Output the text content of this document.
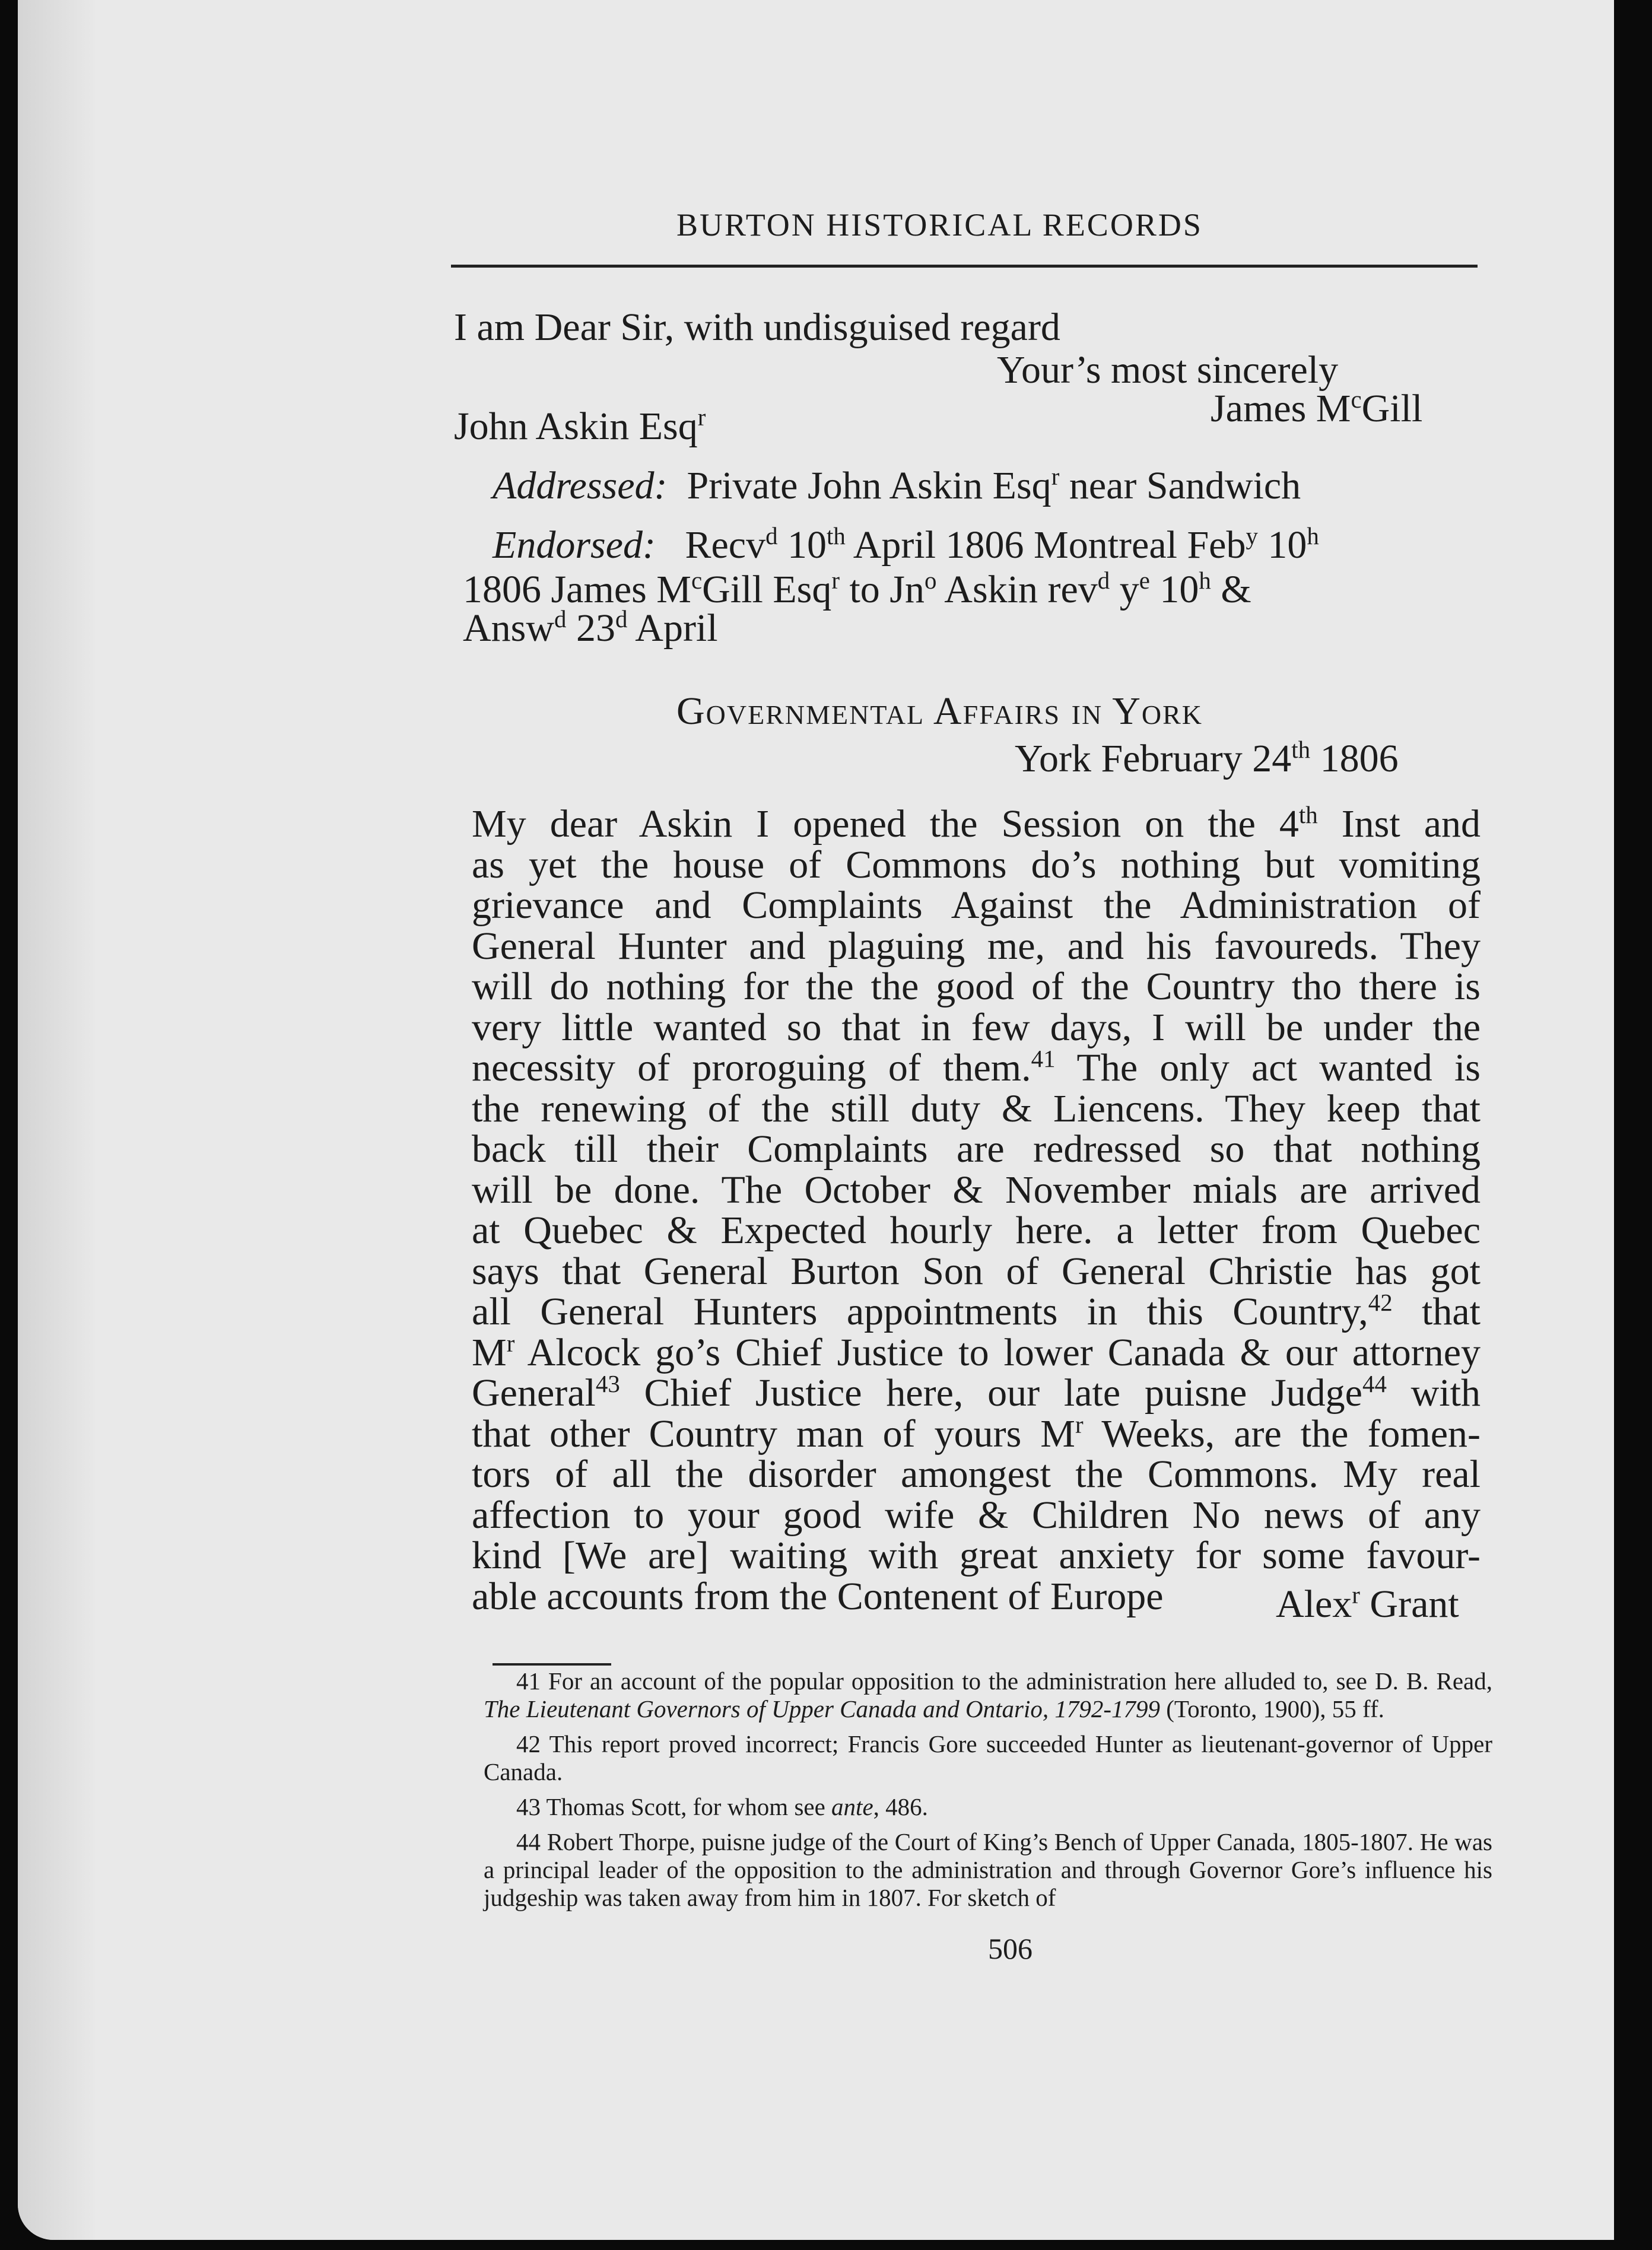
BURTON HISTORICAL RECORDS
I am Dear Sir, with undisguised regard
Your’s most sincerely
John Askin Esq$^r$	James $M^cGill$
Addressed: Private John Askin Esq$^r$ near Sandwich
Endorsed: Recv$^d$ 10th April 1806 Montreal Feb$^y$ 10$^h$
1806 James $M^cGill$ Esq$^r$ to Jn$^o$ Askin rev$^d$ $y^e$ 10$^h$ &
Answ$^d$ 23$^d$ April
Governmental Affairs in York
York February 24th 1806
My dear Askin I opened the Session on the 4th Inst and
as yet the house of Commons do’s nothing but vomiting
grievance and Complaints Against the Administration of
General Hunter and plaguing me, and his favoureds. They
will do nothing for the the good of the Country tho there is
very little wanted so that in few days, I will be under the
necessity of proroguing of them.$^{41}$ The only act wanted is
the renewing of the still duty & Liencens. They keep that
back till their Complaints are redressed so that nothing
will be done. The October & November mials are arrived
at Quebec & Expected hourly here. a letter from Quebec
says that General Burton Son of General Christie has got
all General Hunters appointments in this Country,$^{42}$ that
$M^r$ Alcock go’s Chief Justice to lower Canada & our attorney
General$^{43}$ Chief Justice here, our late puisne Judge$^{44}$ with
that other Country man of yours $M^r$ Weeks, are the fomen-
tors of all the disorder amongest the Commons. My real
affection to your good wife & Children No news of any
kind [We are] waiting with great anxiety for some favour-
able accounts from the Contenent of Europe	Alex$^r$ Grant

41 For an account of the popular opposition to the administration here alluded to, see D. B. Read, The Lieutenant Governors of Upper Canada and Ontario, 1792-1799 (Toronto, 1900), 55 ff.

42 This report proved incorrect; Francis Gore succeeded Hunter as lieutenant-governor of Upper Canada.

43 Thomas Scott, for whom see ante, 486.

44 Robert Thorpe, puisne judge of the Court of King’s Bench of Upper Canada, 1805-1807. He was a principal leader of the opposition to the administration and through Governor Gore’s influence his judgeship was taken away from him in 1807. For sketch of

506
